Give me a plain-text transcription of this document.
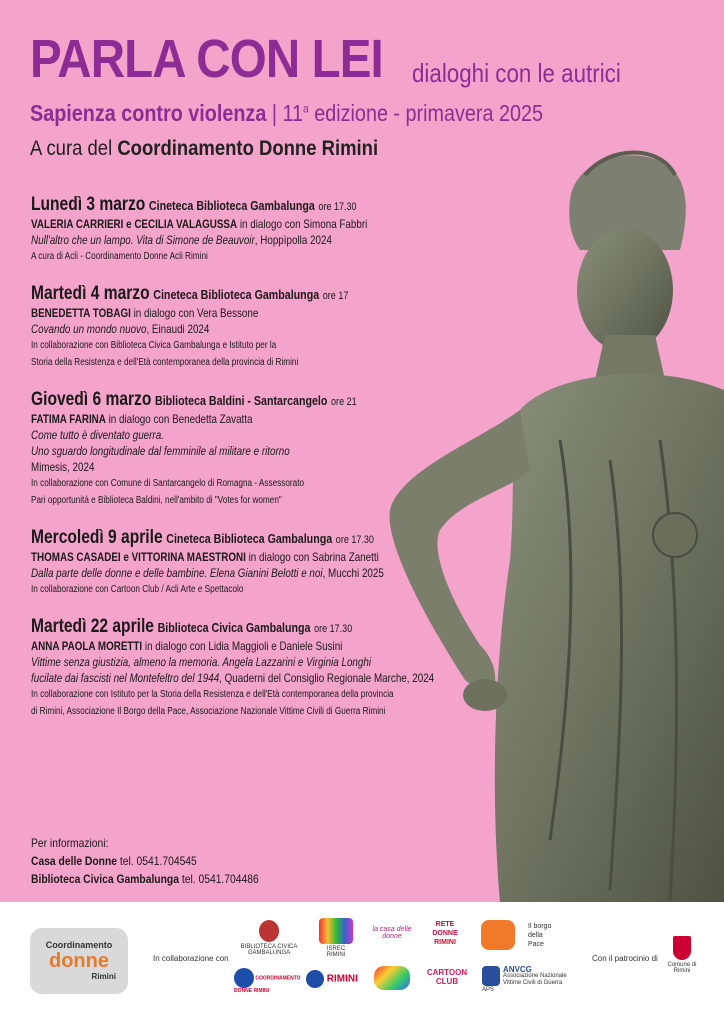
PARLA CON LEI dialoghi con le autrici
Sapienza contro violenza | 11$^a$ edizione - primavera 2025
A cura del Coordinamento Donne Rimini
Lunedì 3 marzo Cineteca Biblioteca Gambalunga ore 17.30
VALERIA CARRIERI e CECILIA VALAGUSSA in dialogo con Simona Fabbri
Null'altro che un lampo. Vita di Simone de Beauvoir, Hoppìpolla 2024
A cura di Acli - Coordinamento Donne Acli Rimini
Martedì 4 marzo Cineteca Biblioteca Gambalunga ore 17
BENEDETTA TOBAGI in dialogo con Vera Bessone
Covando un mondo nuovo, Einaudi 2024
In collaborazione con Biblioteca Civica Gambalunga e Istituto per la
Storia della Resistenza e dell'Età contemporanea della provincia di Rimini
Giovedì 6 marzo Biblioteca Baldini - Santarcangelo ore 21
FATIMA FARINA in dialogo con Benedetta Zavatta
Come tutto è diventato guerra.
Uno sguardo longitudinale dal femminile al militare e ritorno
Mimesis, 2024
In collaborazione con Comune di Santarcangelo di Romagna - Assessorato
Pari opportunità e Biblioteca Baldini, nell'ambito di "Votes for women"
Mercoledì 9 aprile Cineteca Biblioteca Gambalunga ore 17.30
THOMAS CASADEI e VITTORINA MAESTRONI in dialogo con Sabrina Zanetti
Dalla parte delle donne e delle bambine. Elena Gianini Belotti e noi, Mucchi 2025
In collaborazione con Cartoon Club / Acli Arte e Spettacolo
Martedì 22 aprile Biblioteca Civica Gambalunga ore 17.30
ANNA PAOLA MORETTI in dialogo con Lidia Maggioli e Daniele Susini
Vittime senza giustizia, almeno la memoria. Angela Lazzarini e Virginia Longhi
fucilate dai fascisti nel Montefeltro del 1944, Quaderni del Consiglio Regionale Marche, 2024
In collaborazione con Istituto per la Storia della Resistenza e dell'Età contemporanea della provincia
di Rimini, Associazione Il Borgo della Pace, Associazione Nazionale Vittime Civili di Guerra Rimini
Per informazioni:
Casa delle Donne tel. 0541.704545
Biblioteca Civica Gambalunga tel. 0541.704486
Coordinamento
donne
Rimini
In collaborazione con	Con il patrocinio di
BIBLIOTECA CIVICA GAMBALUNGA
ISREC RIMINI
la casa delle donne
RETE
DONNE
RIMINI
Il borgo
della
Pace
COORDINAMENTO DONNE RIMINI
RIMINI
CARTOON CLUB
ANVCG
Associazione Nazionale Vittime Civili di Guerra APS
Comune di Rimini
